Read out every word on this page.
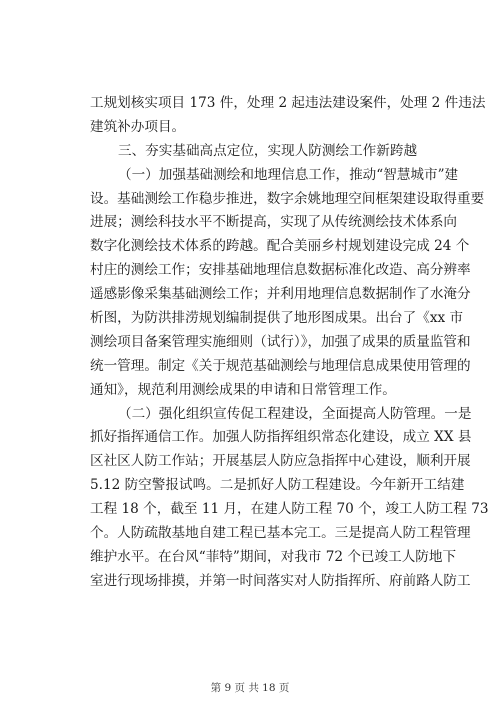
工规划核实项目 173 件，处理 2 起违法建设案件，处理 2 件违法
建筑补办项目。
三、夯实基础高点定位，实现人防测绘工作新跨越
（一）加强基础测绘和地理信息工作，推动“智慧城市”建
设。基础测绘工作稳步推进，数字余姚地理空间框架建设取得重要
进展；测绘科技水平不断提高，实现了从传统测绘技术体系向
数字化测绘技术体系的跨越。配合美丽乡村规划建设完成 24 个
村庄的测绘工作；安排基础地理信息数据标准化改造、高分辨率
遥感影像采集基础测绘工作；并利用地理信息数据制作了水淹分
析图，为防洪排涝规划编制提供了地形图成果。出台了《xx 市
测绘项目备案管理实施细则（试行）》，加强了成果的质量监管和
统一管理。制定《关于规范基础测绘与地理信息成果使用管理的
通知》，规范利用测绘成果的申请和日常管理工作。
（二）强化组织宣传促工程建设，全面提高人防管理。一是
抓好指挥通信工作。加强人防指挥组织常态化建设，成立 XX 县
区社区人防工作站；开展基层人防应急指挥中心建设，顺利开展
5.12 防空警报试鸣。二是抓好人防工程建设。今年新开工结建
工程 18 个，截至 11 月，在建人防工程 70 个，竣工人防工程 73
个。人防疏散基地自建工程已基本完工。三是提高人防工程管理
维护水平。在台风“菲特”期间，对我市 72 个已竣工人防地下
室进行现场排摸，并第一时间落实对人防指挥所、府前路人防工
第 9 页 共 18 页
